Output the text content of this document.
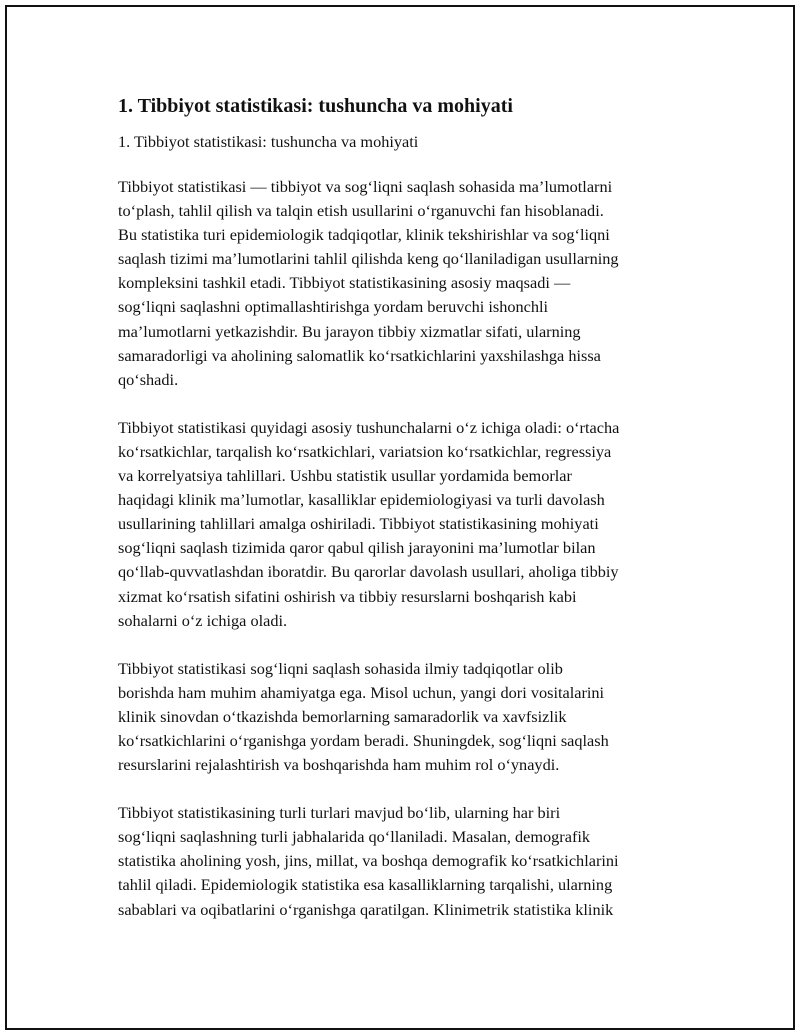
1. Tibbiyot statistikasi: tushuncha va mohiyati

1. Tibbiyot statistikasi: tushuncha va mohiyati

Tibbiyot statistikasi — tibbiyot va sog‘liqni saqlash sohasida ma’lumotlarni
to‘plash, tahlil qilish va talqin etish usullarini o‘rganuvchi fan hisoblanadi.
Bu statistika turi epidemiologik tadqiqotlar, klinik tekshirishlar va sog‘liqni
saqlash tizimi ma’lumotlarini tahlil qilishda keng qo‘llaniladigan usullarning
kompleksini tashkil etadi. Tibbiyot statistikasining asosiy maqsadi —
sog‘liqni saqlashni optimallashtirishga yordam beruvchi ishonchli
ma’lumotlarni yetkazishdir. Bu jarayon tibbiy xizmatlar sifati, ularning
samaradorligi va aholining salomatlik ko‘rsatkichlarini yaxshilashga hissa
qo‘shadi.
Tibbiyot statistikasi quyidagi asosiy tushunchalarni o‘z ichiga oladi: o‘rtacha
ko‘rsatkichlar, tarqalish ko‘rsatkichlari, variatsion ko‘rsatkichlar, regressiya
va korrelyatsiya tahlillari. Ushbu statistik usullar yordamida bemorlar
haqidagi klinik ma’lumotlar, kasalliklar epidemiologiyasi va turli davolash
usullarining tahlillari amalga oshiriladi. Tibbiyot statistikasining mohiyati
sog‘liqni saqlash tizimida qaror qabul qilish jarayonini ma’lumotlar bilan
qo‘llab-quvvatlashdan iboratdir. Bu qarorlar davolash usullari, aholiga tibbiy
xizmat ko‘rsatish sifatini oshirish va tibbiy resurslarni boshqarish kabi
sohalarni o‘z ichiga oladi.
Tibbiyot statistikasi sog‘liqni saqlash sohasida ilmiy tadqiqotlar olib
borishda ham muhim ahamiyatga ega. Misol uchun, yangi dori vositalarini
klinik sinovdan o‘tkazishda bemorlarning samaradorlik va xavfsizlik
ko‘rsatkichlarini o‘rganishga yordam beradi. Shuningdek, sog‘liqni saqlash
resurslarini rejalashtirish va boshqarishda ham muhim rol o‘ynaydi.
Tibbiyot statistikasining turli turlari mavjud bo‘lib, ularning har biri
sog‘liqni saqlashning turli jabhalarida qo‘llaniladi. Masalan, demografik
statistika aholining yosh, jins, millat, va boshqa demografik ko‘rsatkichlarini
tahlil qiladi. Epidemiologik statistika esa kasalliklarning tarqalishi, ularning
sabablari va oqibatlarini o‘rganishga qaratilgan. Klinimetrik statistika klinik
